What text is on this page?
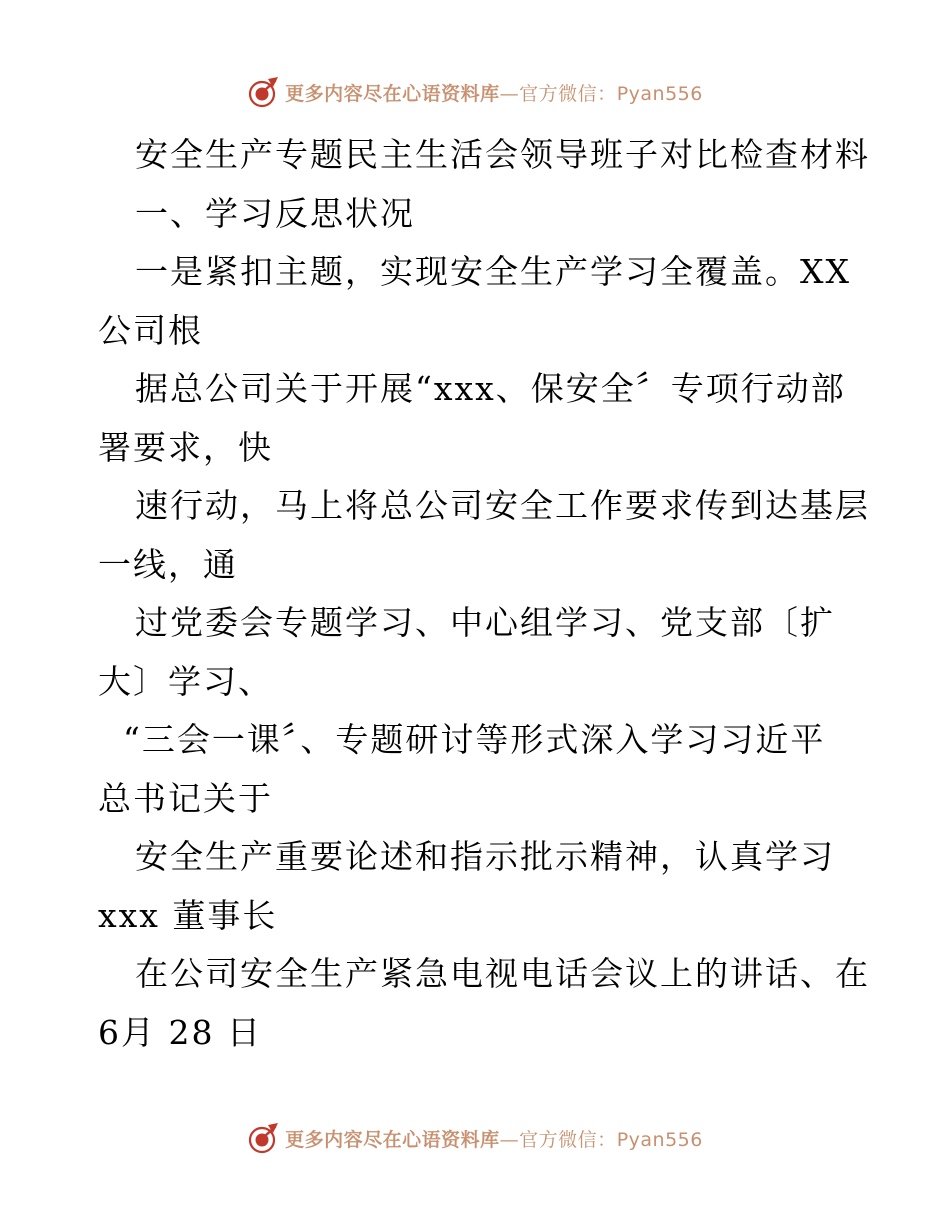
更多内容尽在心语资料库—官方微信：Pyan556
安全生产专题民主生活会领导班子对比检查材料
一、学习反思状况
一是紧扣主题，实现安全生产学习全覆盖。XX
公司根
据总公司关于开展“xxx、保安全〞专项行动部
署要求，快
速行动，马上将总公司安全工作要求传到达基层
一线，通
过党委会专题学习、中心组学习、党支部〔扩
大〕学习、
“三会一课〞、专题研讨等形式深入学习习近平
总书记关于
安全生产重要论述和指示批示精神，认真学习
xxx 董事长
在公司安全生产紧急电视电话会议上的讲话、在
6月 28 日
更多内容尽在心语资料库—官方微信：Pyan556
